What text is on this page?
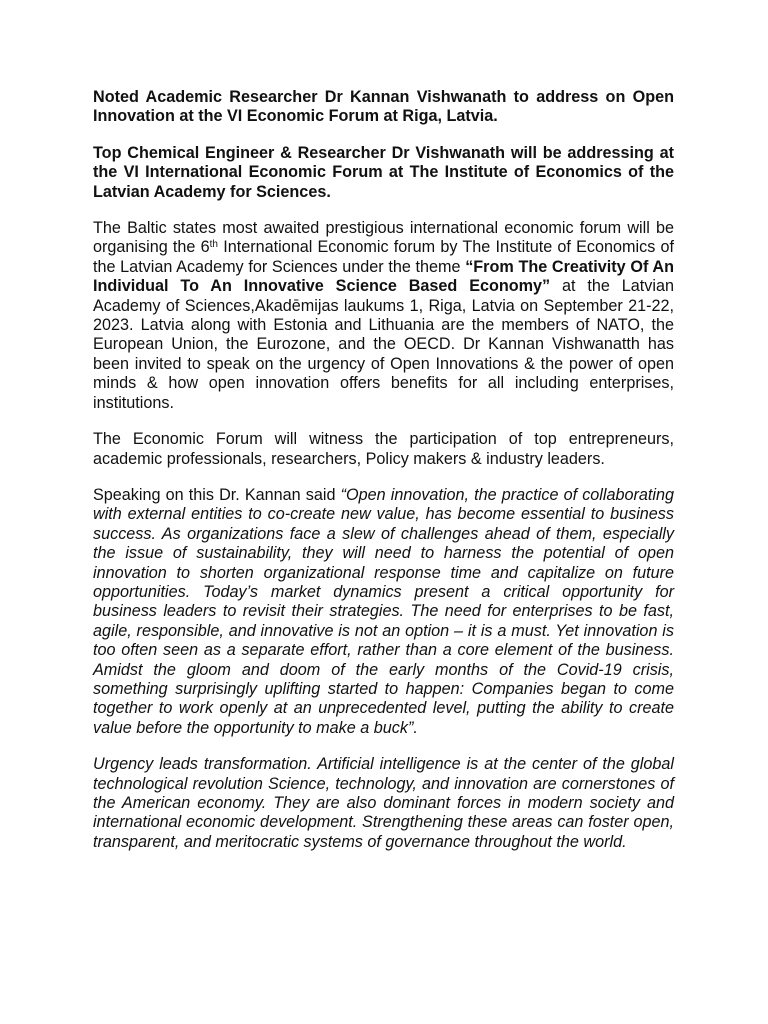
Noted Academic Researcher Dr Kannan Vishwanath to address on Open Innovation at the VI Economic Forum at Riga, Latvia.

Top Chemical Engineer & Researcher Dr Vishwanath will be addressing at the VI International Economic Forum at The Institute of Economics of the Latvian Academy for Sciences.

The Baltic states most awaited prestigious international economic forum will be organising the 6th International Economic forum by The Institute of Economics of the Latvian Academy for Sciences under the theme “From The Creativity Of An Individual To An Innovative Science Based Economy” at the Latvian Academy of Sciences,Akadēmijas laukums 1, Riga, Latvia on September 21-22, 2023. Latvia along with Estonia and Lithuania are the members of NATO, the European Union, the Eurozone, and the OECD. Dr Kannan Vishwanatth has been invited to speak on the urgency of Open Innovations & the power of open minds & how open innovation offers benefits for all including enterprises, institutions.

The Economic Forum will witness the participation of top entrepreneurs, academic professionals, researchers, Policy makers & industry leaders.

Speaking on this Dr. Kannan said “Open innovation, the practice of collaborating with external entities to co-create new value, has become essential to business success. As organizations face a slew of challenges ahead of them, especially the issue of sustainability, they will need to harness the potential of open innovation to shorten organizational response time and capitalize on future opportunities. Today’s market dynamics present a critical opportunity for business leaders to revisit their strategies. The need for enterprises to be fast, agile, responsible, and innovative is not an option – it is a must. Yet innovation is too often seen as a separate effort, rather than a core element of the business. Amidst the gloom and doom of the early months of the Covid-19 crisis, something surprisingly uplifting started to happen: Companies began to come together to work openly at an unprecedented level, putting the ability to create value before the opportunity to make a buck”.

Urgency leads transformation. Artificial intelligence is at the center of the global technological revolution Science, technology, and innovation are cornerstones of the American economy. They are also dominant forces in modern society and international economic development. Strengthening these areas can foster open, transparent, and meritocratic systems of governance throughout the world.
